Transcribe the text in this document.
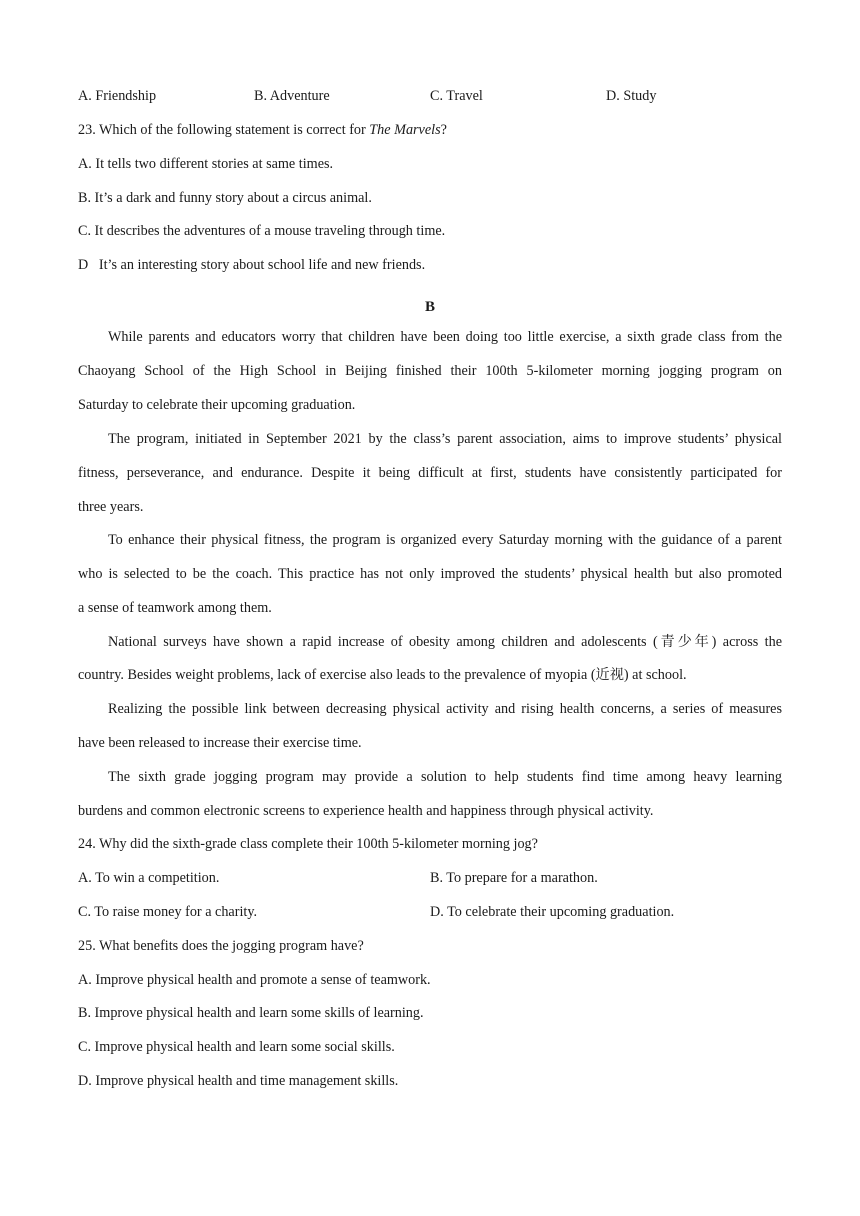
A. Friendship	B. Adventure	C. Travel	D. Study
23. Which of the following statement is correct for The Marvels?
A. It tells two different stories at same times.
B. It’s a dark and funny story about a circus animal.
C. It describes the adventures of a mouse traveling through time.
D   It’s an interesting story about school life and new friends.
B
While parents and educators worry that children have been doing too little exercise, a sixth grade class from the
Chaoyang School of the High School in Beijing finished their 100th 5-kilometer morning jogging program on
Saturday to celebrate their upcoming graduation.
The program, initiated in September 2021 by the class’s parent association, aims to improve students’ physical
fitness, perseverance, and endurance. Despite it being difficult at first, students have consistently participated for
three years.
To enhance their physical fitness, the program is organized every Saturday morning with the guidance of a parent
who is selected to be the coach. This practice has not only improved the students’ physical health but also promoted
a sense of teamwork among them.
National surveys have shown a rapid increase of obesity among children and adolescents (青少年) across the
country. Besides weight problems, lack of exercise also leads to the prevalence of myopia (近视) at school.
Realizing the possible link between decreasing physical activity and rising health concerns, a series of measures
have been released to increase their exercise time.
The sixth grade jogging program may provide a solution to help students find time among heavy learning
burdens and common electronic screens to experience health and happiness through physical activity.
24. Why did the sixth-grade class complete their 100th 5-kilometer morning jog?
A. To win a competition.	B. To prepare for a marathon.
C. To raise money for a charity.	D. To celebrate their upcoming graduation.
25. What benefits does the jogging program have?
A. Improve physical health and promote a sense of teamwork.
B. Improve physical health and learn some skills of learning.
C. Improve physical health and learn some social skills.
D. Improve physical health and time management skills.
